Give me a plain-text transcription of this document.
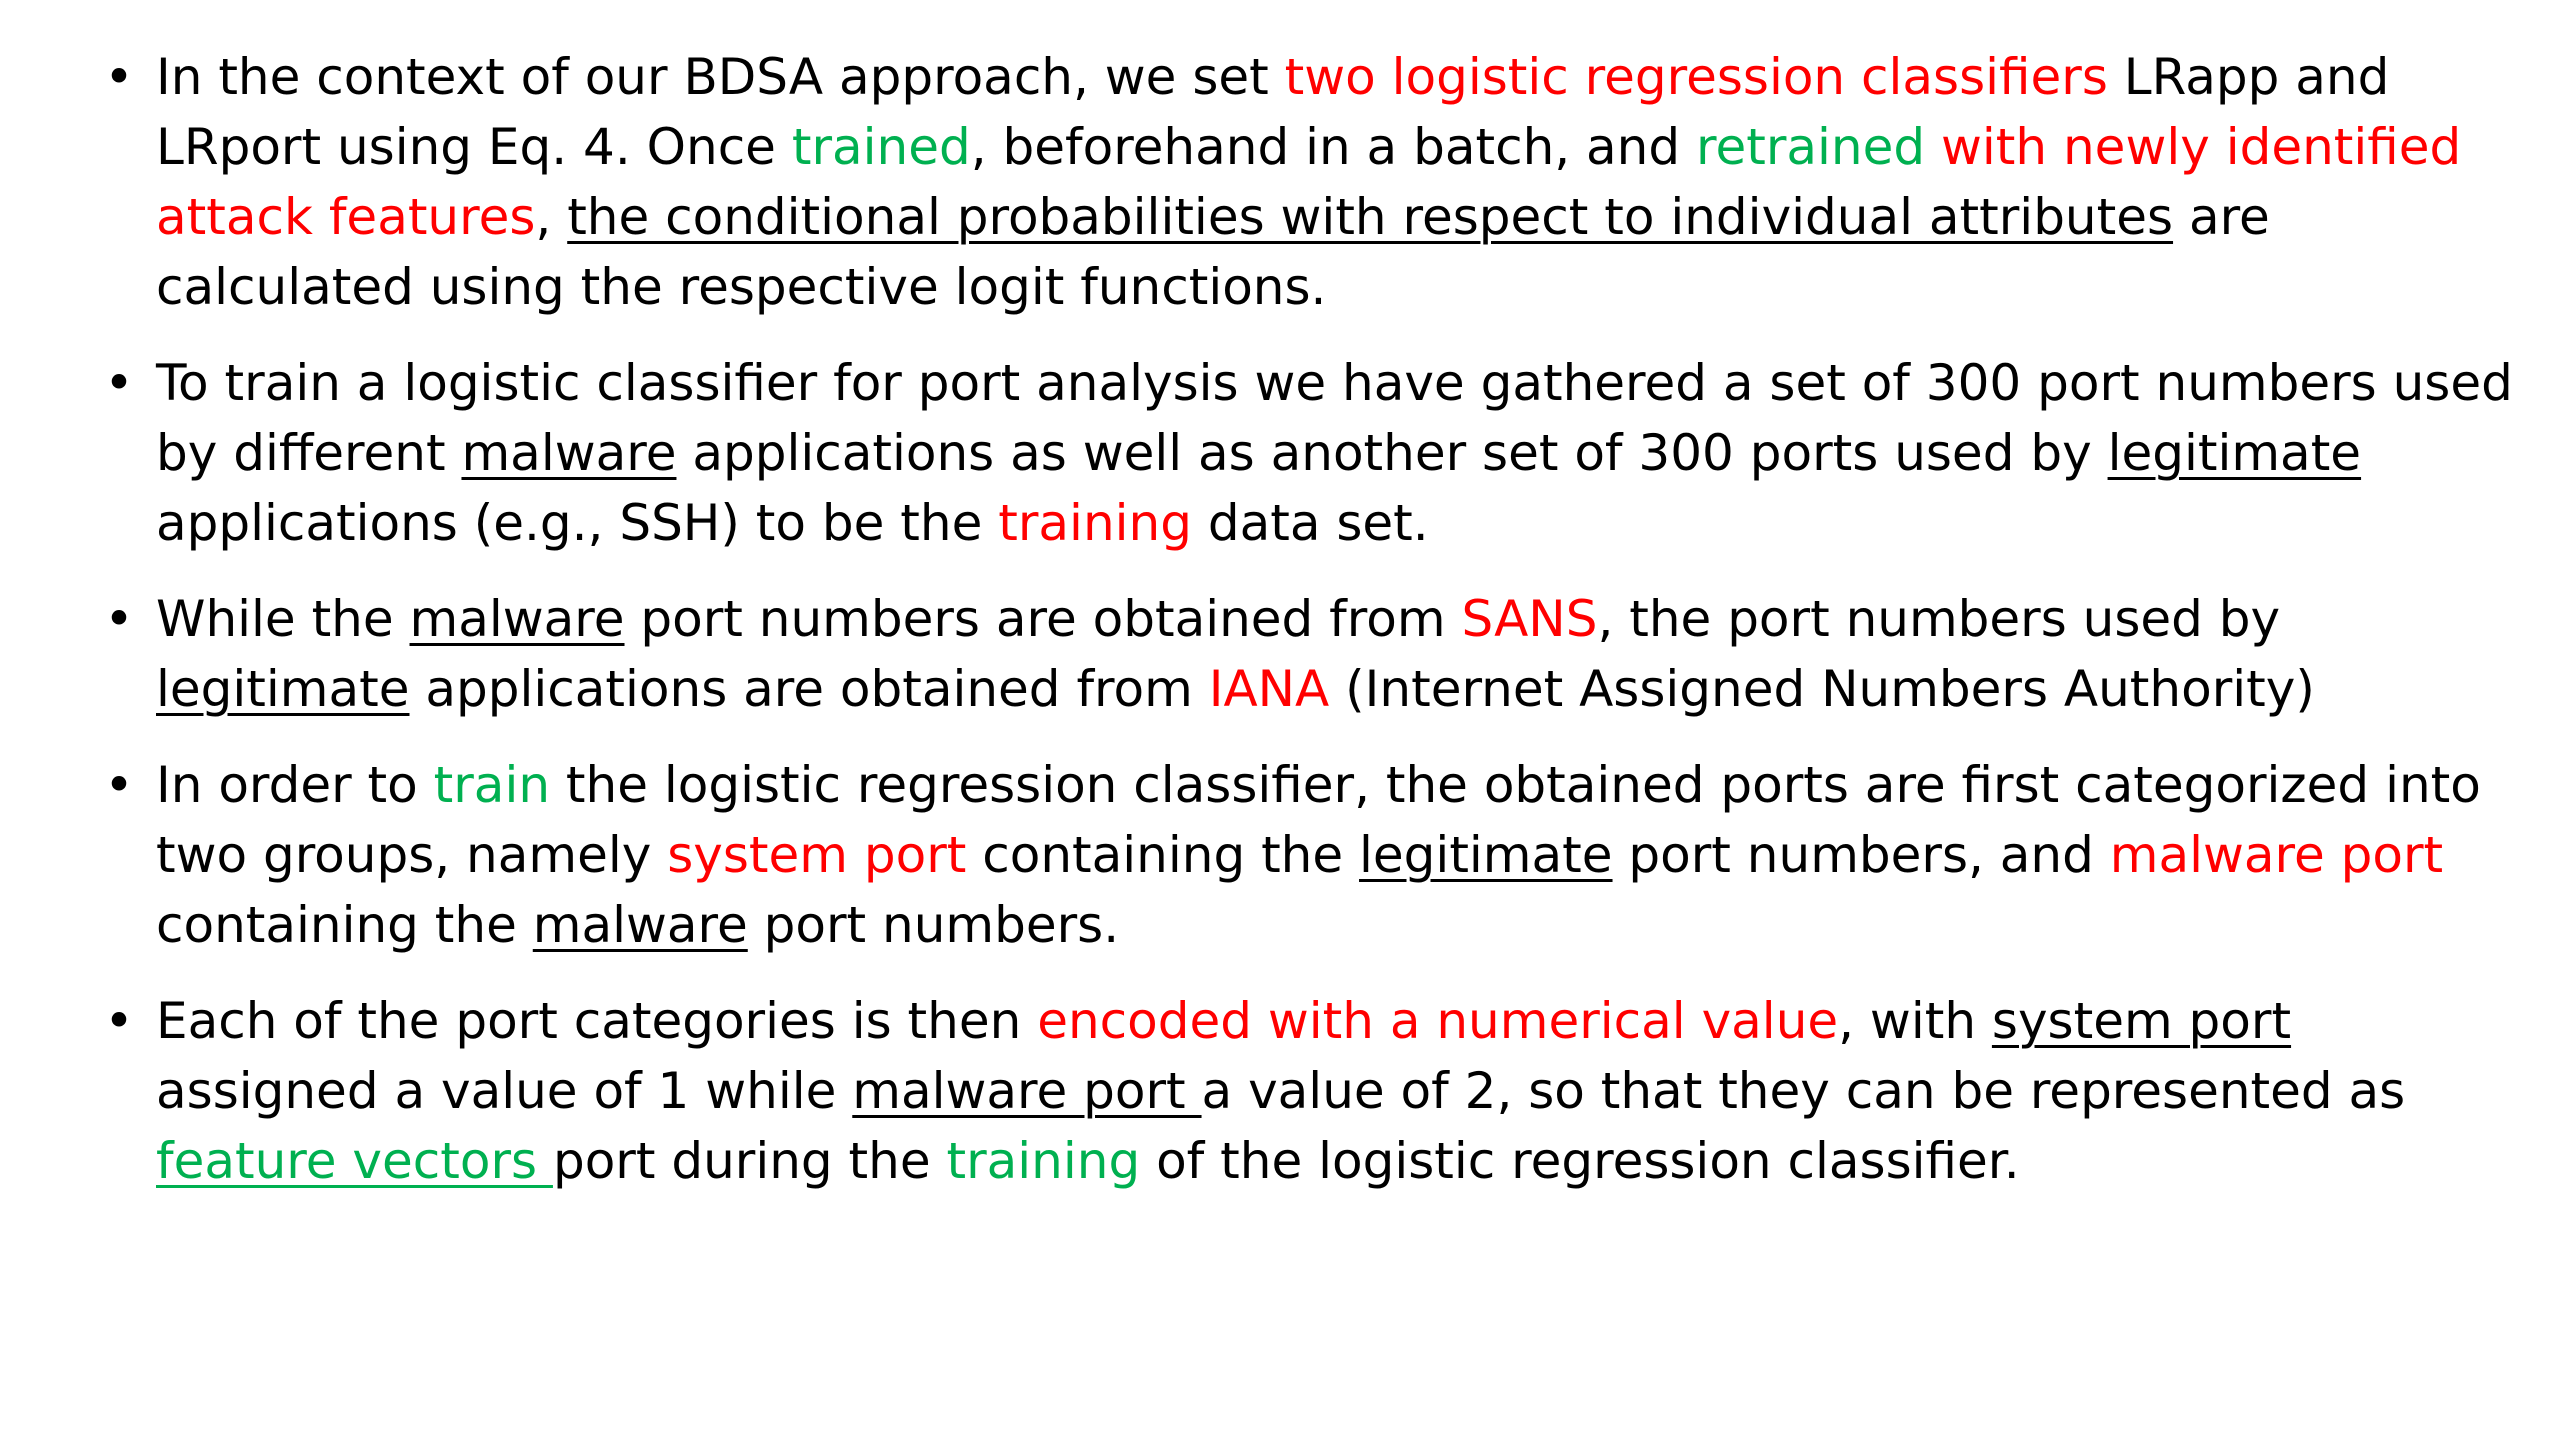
• In the context of our BDSA approach, we set two logistic regression classifiers LRapp and LRport using Eq. 4. Once trained, beforehand in a batch, and retrained with newly identified attack features, the conditional probabilities with respect to individual attributes are calculated using the respective logit functions.
• To train a logistic classifier for port analysis we have gathered a set of 300 port numbers used by different malware applications as well as another set of 300 ports used by legitimate applications (e.g., SSH) to be the training data set.
• While the malware port numbers are obtained from SANS, the port numbers used by legitimate applications are obtained from IANA (Internet Assigned Numbers Authority)
• In order to train the logistic regression classifier, the obtained ports are first categorized into two groups, namely system port containing the legitimate port numbers, and malware port containing the malware port numbers.
• Each of the port categories is then encoded with a numerical value, with system port assigned a value of 1 while malware port a value of 2, so that they can be represented as feature vectors port during the training of the logistic regression classifier.
